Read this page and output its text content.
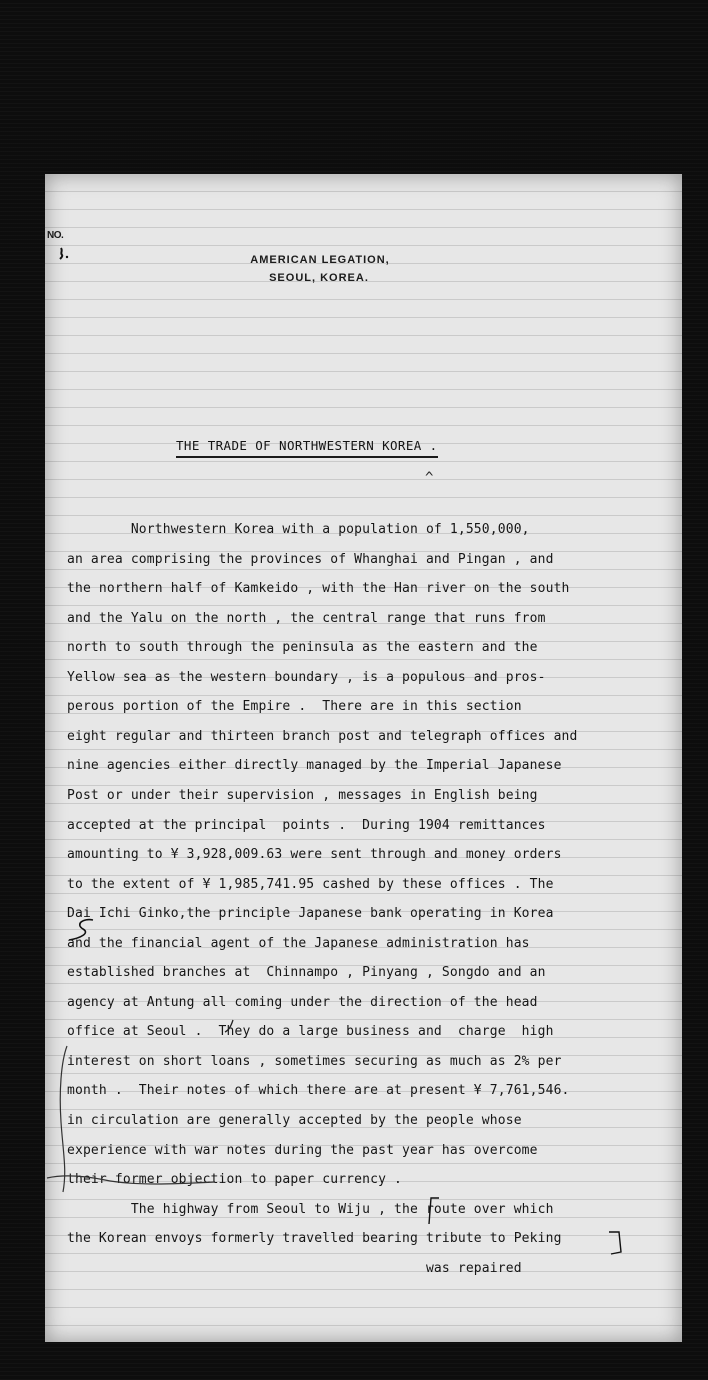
NO.
AMERICAN LEGATION,
SEOUL, KOREA.
THE TRADE OF NORTHWESTERN KOREA .
^
Northwestern Korea with a population of 1,550,000,
an area comprising the provinces of Whanghai and Pingan , and
the northern half of Kamkeido , with the Han river on the south
and the Yalu on the north , the central range that runs from
north to south through the peninsula as the eastern and the
Yellow sea as the western boundary , is a populous and pros-
perous portion of the Empire .  There are in this section
eight regular and thirteen branch post and telegraph offices and
nine agencies either directly managed by the Imperial Japanese
Post or under their supervision , messages in English being
accepted at the principal  points .  During 1904 remittances
amounting to ¥ 3,928,009.63 were sent through and money orders
to the extent of ¥ 1,985,741.95 cashed by these offices . The
Dai Ichi Ginko,the principle Japanese bank operating in Korea
and the financial agent of the Japanese administration has
established branches at  Chinnampo , Pinyang , Songdo and an
agency at Antung all coming under the direction of the head
office at Seoul .  They do a large business and  charge  high
interest on short loans , sometimes securing as much as 2% per
month .  Their notes of which there are at present ¥ 7,761,546.
in circulation are generally accepted by the people whose
experience with war notes during the past year has overcome
their former objection to paper currency .
The highway from Seoul to Wiju , the route over which
the Korean envoys formerly travelled bearing tribute to Peking
was repaired
